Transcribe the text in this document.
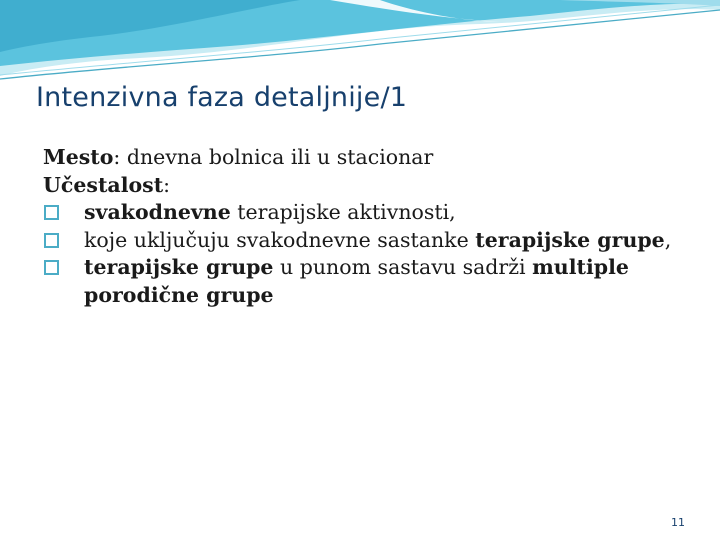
Intenzivna faza detaljnije/1
Mesto: dnevna bolnica ili u stacionar
Učestalost:
svakodnevne terapijske aktivnosti,
koje uključuju svakodnevne sastanke terapijske grupe,
terapijske grupe u punom sastavu sadrži multiple porodične grupe
11
